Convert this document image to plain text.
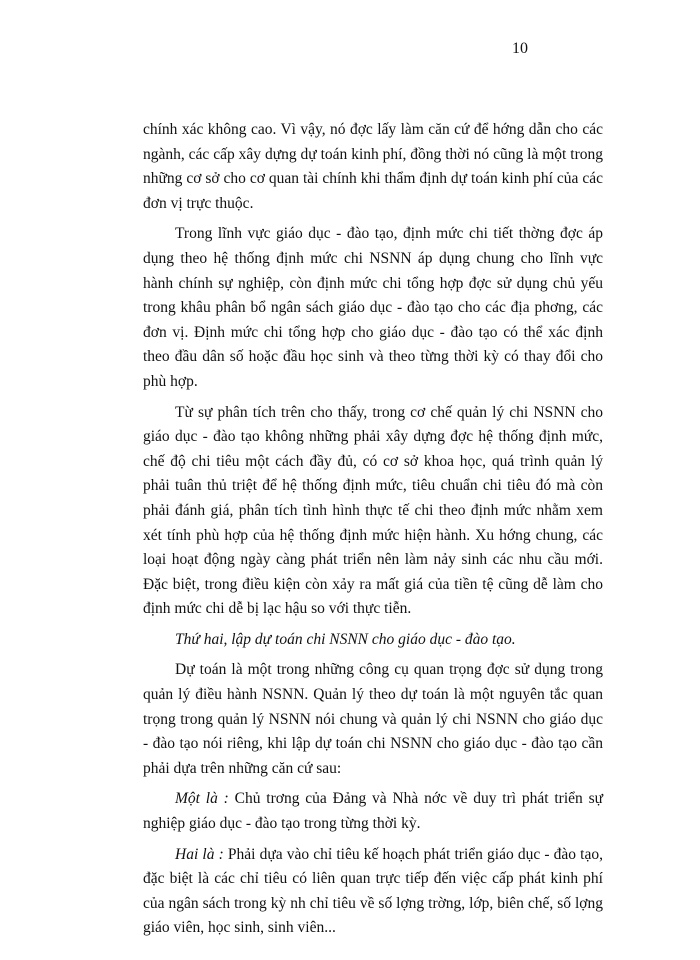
10

chính xác không cao. Vì vậy, nó đợc lấy làm căn cứ để hớng dẫn cho các ngành, các cấp xây dựng dự toán kinh phí, đồng thời nó cũng là một trong những cơ sở cho cơ quan tài chính khi thẩm định dự toán kinh phí của các đơn vị trực thuộc.

Trong lĩnh vực giáo dục - đào tạo, định mức chi tiết thờng đợc áp dụng theo hệ thống định mức chi NSNN áp dụng chung cho lĩnh vực hành chính sự nghiệp, còn định mức chi tổng hợp đợc sử dụng chủ yếu trong khâu phân bổ ngân sách giáo dục - đào tạo cho các địa phơng, các đơn vị. Định mức chi tổng hợp cho giáo dục - đào tạo có thể xác định theo đầu dân số hoặc đầu học sinh và theo từng thời kỳ có thay đổi cho phù hợp.

Từ sự phân tích trên cho thấy, trong cơ chế quản lý chi NSNN cho giáo dục - đào tạo không những phải xây dựng đợc hệ thống định mức, chế độ chi tiêu một cách đầy đủ, có cơ sở khoa học, quá trình quản lý phải tuân thủ triệt để hệ thống định mức, tiêu chuẩn chi tiêu đó mà còn phải đánh giá, phân tích tình hình thực tế chi theo định mức nhằm xem xét tính phù hợp của hệ thống định mức hiện hành. Xu hớng chung, các loại hoạt động ngày càng phát triển nên làm nảy sinh các nhu cầu mới. Đặc biệt, trong điều kiện còn xảy ra mất giá của tiền tệ cũng dễ làm cho định mức chi dễ bị lạc hậu so với thực tiễn.

Thứ hai, lập dự toán chi NSNN cho giáo dục - đào tạo.

Dự toán là một trong những công cụ quan trọng đợc sử dụng trong quản lý điều hành NSNN. Quản lý theo dự toán là một nguyên tắc quan trọng trong quản lý NSNN nói chung và quản lý chi NSNN cho giáo dục - đào tạo nói riêng, khi lập dự toán chi NSNN cho giáo dục - đào tạo cần phải dựa trên những căn cứ sau:

Một là : Chủ trơng của Đảng và Nhà nớc về duy trì phát triển sự nghiệp giáo dục - đào tạo trong từng thời kỳ.

Hai là : Phải dựa vào chỉ tiêu kế hoạch phát triển giáo dục - đào tạo, đặc biệt là các chỉ tiêu có liên quan trực tiếp đến việc cấp phát kinh phí của ngân sách trong kỳ nh chỉ tiêu về số lợng trờng, lớp, biên chế, số lợng giáo viên, học sinh, sinh viên...
